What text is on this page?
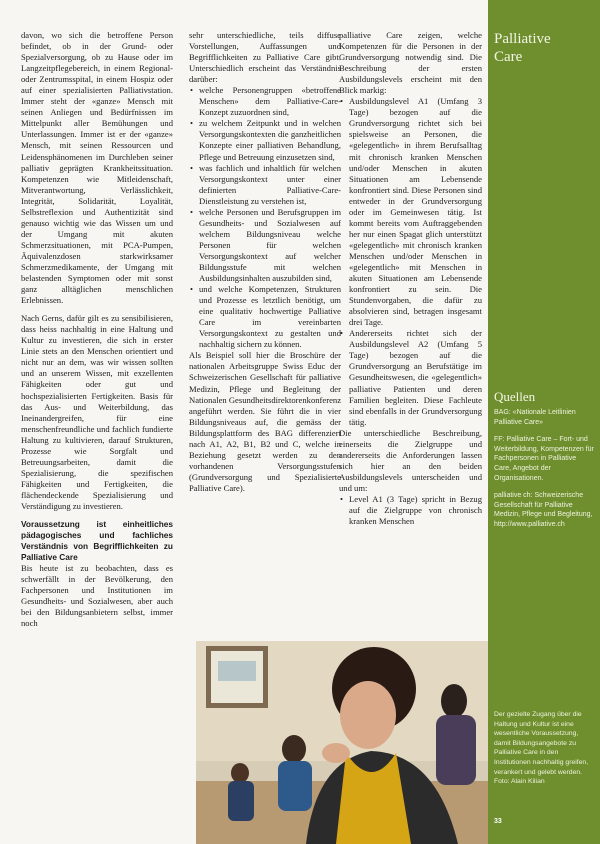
davon, wo sich die betroffene Person befindet, ob in der Grund- oder Spezialversorgung, ob zu Hause oder im Langzeitpflegebereich, in einem Regional- oder Zentrumsspital, in einem Hospiz oder auf einer spezialisierten Palliativstation. Immer steht der «ganze» Mensch mit seinen Anliegen und Bedürfnissen im Mittelpunkt aller Bemühungen und Unterlassungen. Immer ist er der «ganze» Mensch, mit seinen Ressourcen und Leidensphänomenen im Durchleben seiner palliativ geprägten Krankheitssituation. Kompetenzen wie Mitleidenschaft, Mitverantwortung, Verlässlichkeit, Integrität, Solidarität, Loyalität, Selbstreflexion und Authentizität sind genauso wichtig wie das Wissen um und der Umgang mit akuten Schmerzsituationen, mit PCA-Pumpen, Äquivalenzdosen starkwirksamer Schmerzmedikamente, der Umgang mit belastenden Symptomen oder mit sonst ganz alltäglichen menschlichen Erlebnissen.

Nach Gerns, dafür gilt es zu sensibilisieren, dass heiss nachhaltig in eine Haltung und Kultur zu investieren, die sich in erster Linie stets an den Menschen orientiert und nicht nur an dem, was wir wissen sollten und an unserem Wissen, mit exzellenten Fähigkeiten oder gut und hochspezialisierten Fertigkeiten. Basis für das Aus- und Weiterbildung, das Ineinandergreifen, für eine menschenfreundliche und fachlich fundierte Haltung zu kultivieren, darauf Strukturen, Prozesse wie Sorgfalt und Betreuungsarbeiten, damit die Spezialisierung, die spezifischen Fähigkeiten und Fertigkeiten, die flächendeckende Spezialisierung und Verständigung zu investieren.

Voraussetzung ist einheitliches pädagogisches und fachliches Verständnis von Begrifflichkeiten zu Palliative Care

Bis heute ist zu beobachten, dass es schwerfällt in der Bevölkerung, den Fachpersonen und Institutionen im Gesundheits- und Sozialwesen, aber auch bei den Bildungsanbietern selbst, immer noch

sehr unterschiedliche, teils diffuse Vorstellungen, Auffassungen und Begrifflichkeiten zu Palliative Care gibt. Unterschiedlich erscheint das Verständnis darüber:

• welche Personengruppen «betroffene Menschen» dem Palliative-Care-Konzept zuzuordnen sind,
• zu welchem Zeitpunkt und in welchen Versorgungskontexten die ganzheitlichen Konzepte einer palliativen Behandlung, Pflege und Betreuung einzusetzen sind,
• was fachlich und inhaltlich für welchen Versorgungskontext unter einer definierten Palliative-Care-Dienstleistung zu verstehen ist,
• welche Personen und Berufsgruppen im Gesundheits- und Sozialwesen auf welchem Bildungsniveau welche Personen für welchen Versorgungskontext auf welcher Bildungsstufe mit welchen Ausbildungsinhalten auszubilden sind,
• und welche Kompetenzen, Strukturen und Prozesse es letztlich benötigt, um eine qualitativ hochwertige Palliative Care im vereinbarten Versorgungskontext zu gestalten und nachhaltig sichern zu können.

Als Beispiel soll hier die Broschüre der nationalen Arbeitsgruppe Swiss Educ der Schweizerischen Gesellschaft für palliative Medizin, Pflege und Begleitung der Nationalen Gesundheitsdirektorenkonferenz angeführt werden. Sie führt die in vier Bildungsniveaus auf, die gemäss der Bildungsplattform des BAG differenziert nach A1, A2, B1, B2 und C, welche in Beziehung gesetzt werden zu den vorhandenen Versorgungsstufen (Grundversorgung und Spezialisierte Palliative Care).

palliative Care zeigen, welche Kompetenzen für die Personen in der Grundversorgung notwendig sind. Die Beschreibung der ersten Ausbildungslevels erscheint mit den Blick markig:

• Ausbildungslevel A1 (Umfang 3 Tage) bezogen auf die Grundversorgung richtet sich bei spielsweise an Personen, die «gelegentlich» in ihrem Berufsalltag mit chronisch kranken Menschen und/oder Menschen in akuten Situationen am Lebensende konfrontiert sind. Diese Personen sind entweder in der Grundversorgung oder im Gemeinwesen tätig. Ist kommt bereits vom Auftraggebenden her nur einen Spagat glich unterstützt «gelegentlich» mit chronisch kranken Menschen und/oder Menschen in «gelegentlich» mit Menschen in akuten Situationen am Lebensende konfrontiert zu sein. Die Stundenvorgaben, die dafür zu absolvieren sind, betragen insgesamt drei Tage.
• Andererseits richtet sich der Ausbildungslevel A2 (Umfang 5 Tage) bezogen auf die Grundversorgung an Berufstätige im Gesundheitswesen, die «gelegentlich» palliative Patienten und deren Familien begleiten. Diese Fachleute sind ebenfalls in der Grundversorgung tätig.

Die unterschiedliche Beschreibung, einerseits die Zielgruppe und andererseits die Anforderungen lassen sich hier an den beiden Ausbildungslevels unterscheiden und und um:

• Level A1 (3 Tage) spricht in Bezug auf die Zielgruppe von chronisch kranken Menschen
Palliative Care
Quellen

BAG: «Nationale Leitlinien Palliative Care»

FF: Palliative Care – Fort- und Weiterbildung, Kompetenzen für Fachpersonen in Palliative Care, Angebot der Organisationen.

palliative ch: Schweizerische Gesellschaft für Palliative Medizin, Pflege und Begleitung, http://www.palliative.ch

Der gezielte Zugang über die Haltung und Kultur ist eine wesentliche Voraussetzung, damit Bildungsangebote zu Palliative Care in den Institutionen nachhaltig greifen, verankert und gelebt werden. Foto: Alain Kilian
33
